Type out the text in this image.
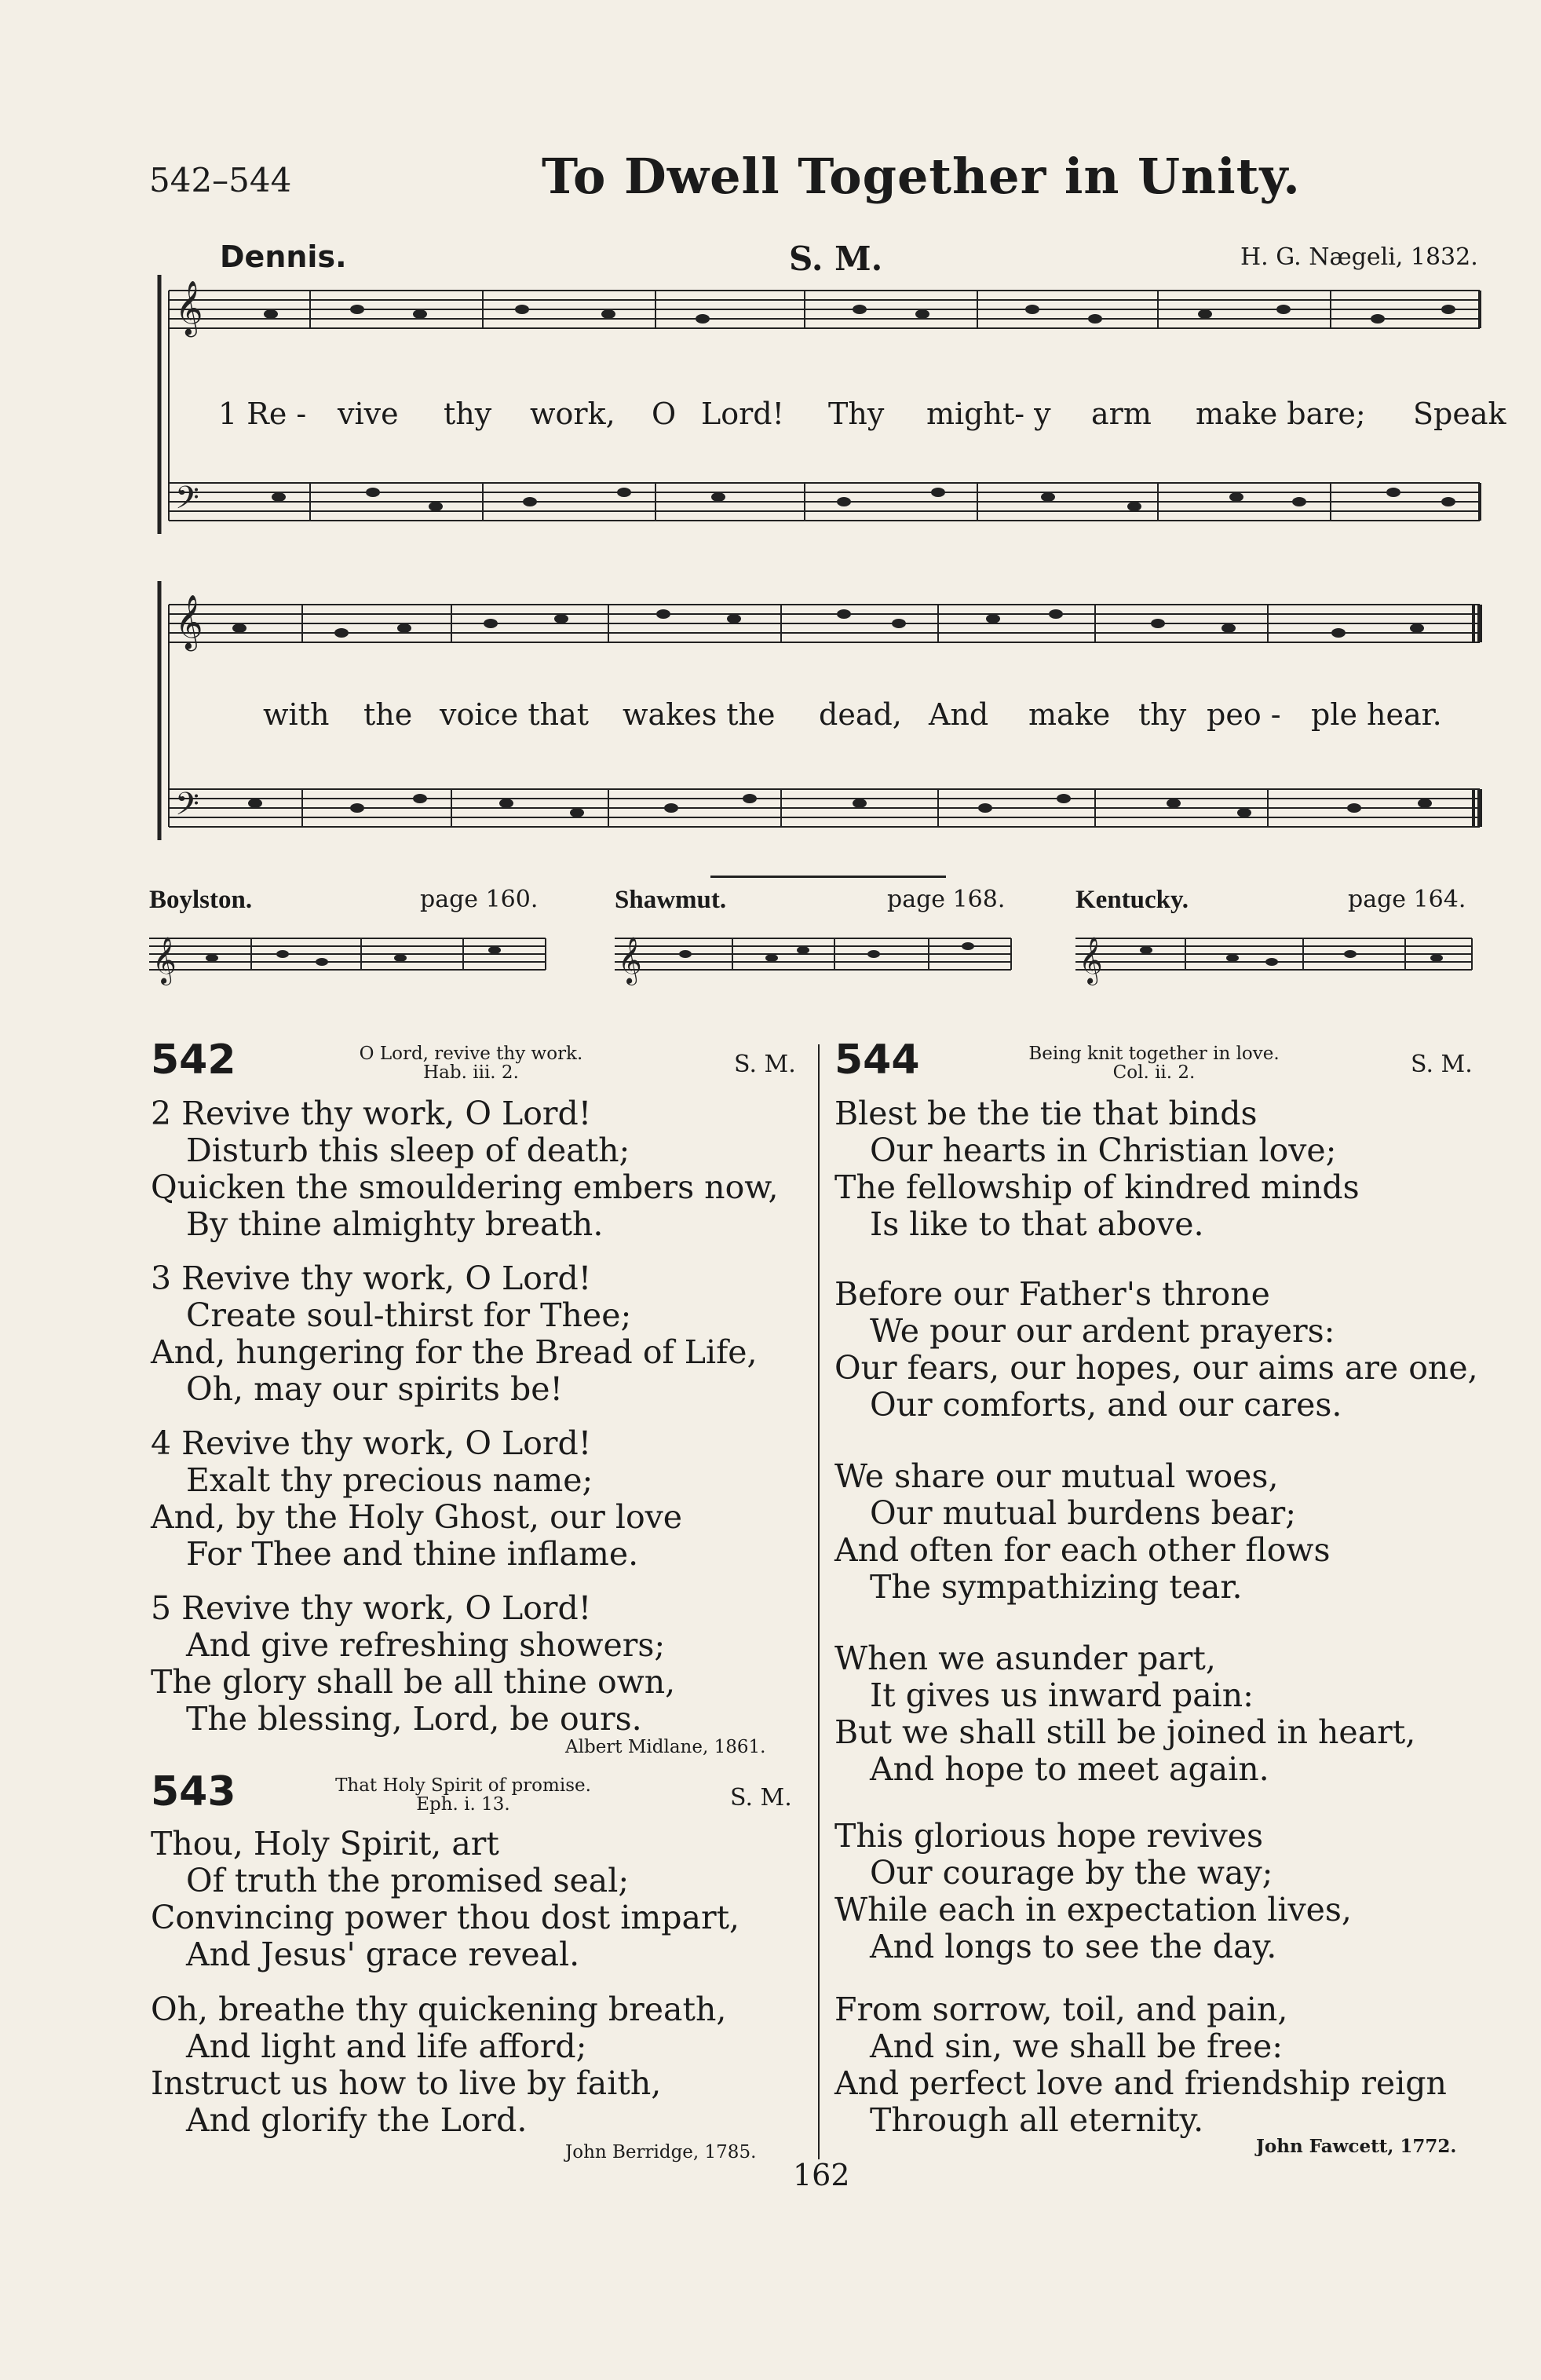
542–544	To Dwell Together in Unity.
Dennis.	S. M.	H. G. Nægeli, 1832.
𝄞
𝄢
1 Re - vive thy work, O Lord! Thy might- y arm make bare; Speak
𝄞
𝄢
with the voice that wakes the dead, And make thy peo - ple hear.
Boylston.	page 160.	Shawmut.	page 168.	Kentucky.	page 164.
𝄞	𝄞	𝄞
542	O Lord, revive thy work.
Hab. iii. 2.	S. M.
2 Revive thy work, O Lord!
Disturb this sleep of death;
Quicken the smouldering embers now,
By thine almighty breath.
3 Revive thy work, O Lord!
Create soul-thirst for Thee;
And, hungering for the Bread of Life,
Oh, may our spirits be!
4 Revive thy work, O Lord!
Exalt thy precious name;
And, by the Holy Ghost, our love
For Thee and thine inflame.
5 Revive thy work, O Lord!
And give refreshing showers;
The glory shall be all thine own,
The blessing, Lord, be ours.
Albert Midlane, 1861.
543	That Holy Spirit of promise.
Eph. i. 13.	S. M.
Thou, Holy Spirit, art
Of truth the promised seal;
Convincing power thou dost impart,
And Jesus' grace reveal.
Oh, breathe thy quickening breath,
And light and life afford;
Instruct us how to live by faith,
And glorify the Lord.
John Berridge, 1785.
544	Being knit together in love.
Col. ii. 2.	S. M.
Blest be the tie that binds
Our hearts in Christian love;
The fellowship of kindred minds
Is like to that above.
Before our Father's throne
We pour our ardent prayers:
Our fears, our hopes, our aims are one,
Our comforts, and our cares.
We share our mutual woes,
Our mutual burdens bear;
And often for each other flows
The sympathizing tear.
When we asunder part,
It gives us inward pain:
But we shall still be joined in heart,
And hope to meet again.
This glorious hope revives
Our courage by the way;
While each in expectation lives,
And longs to see the day.
From sorrow, toil, and pain,
And sin, we shall be free:
And perfect love and friendship reign
Through all eternity.
John Fawcett, 1772.
162
